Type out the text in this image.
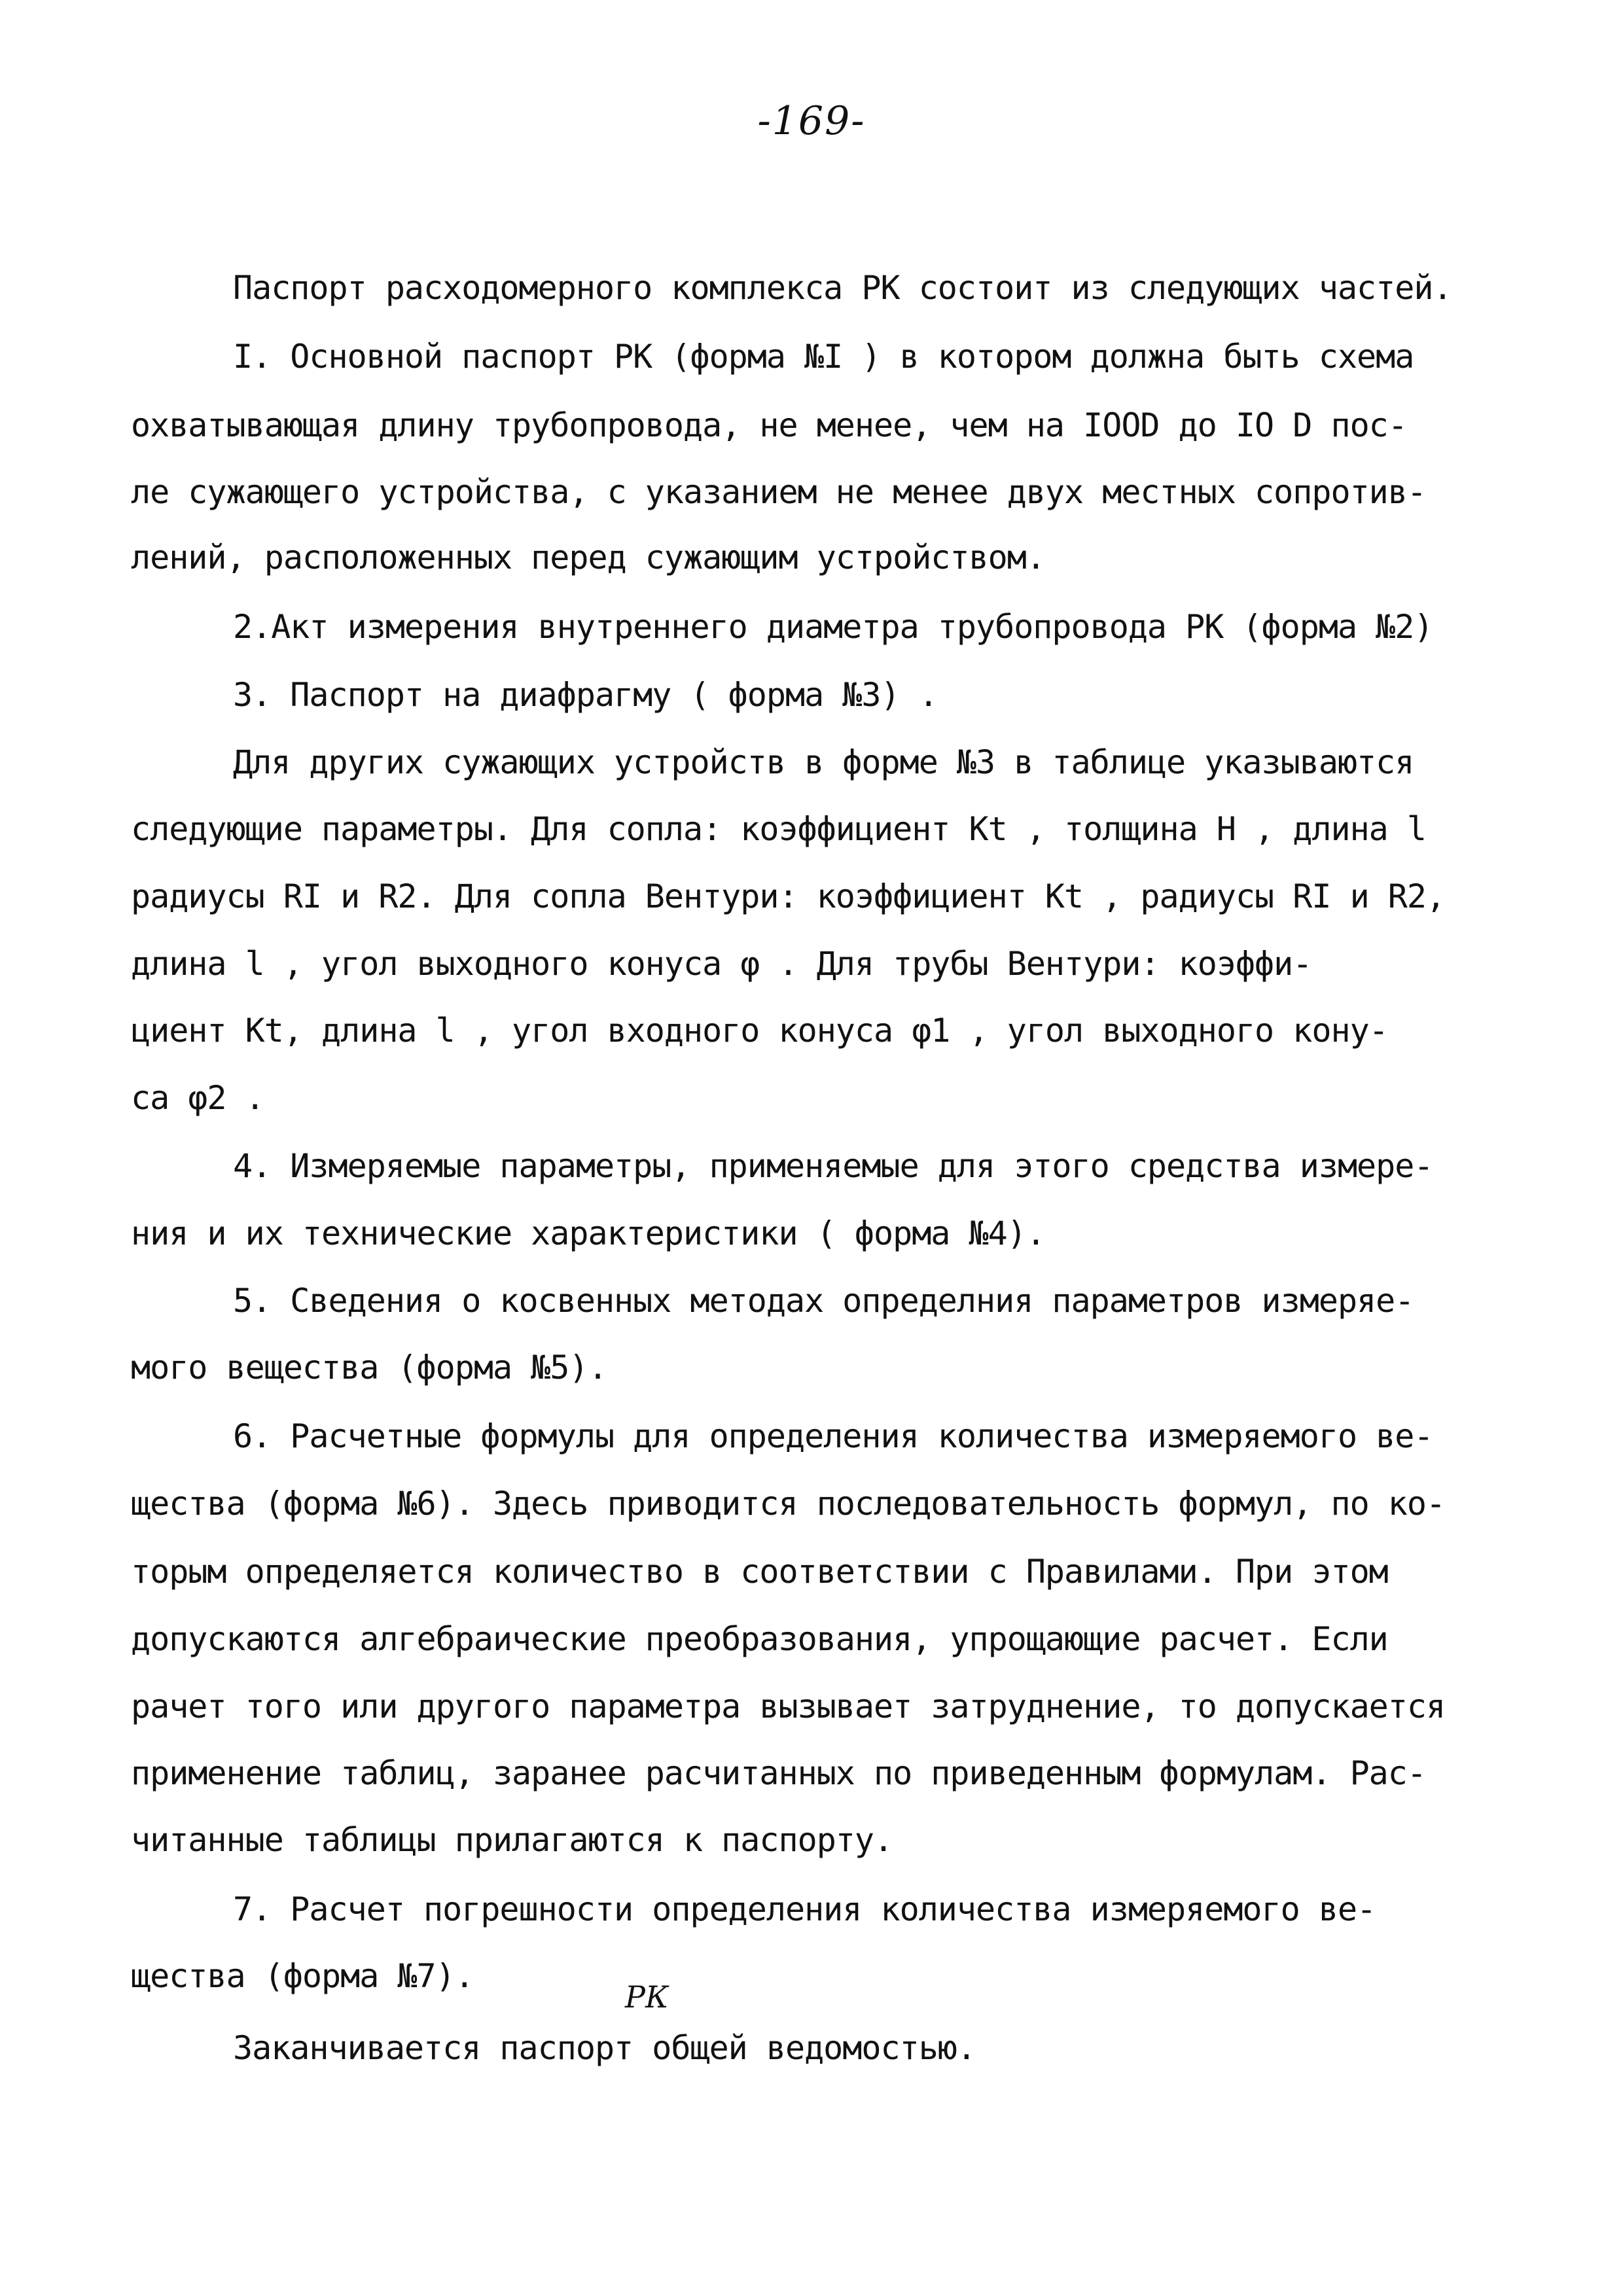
-169-
Паспорт расходомерного комплекса РК состоит из следующих частей.
I. Основной паспорт РК (форма №I ) в котором должна быть схема
охватывающая длину трубопровода, не менее, чем на IOOD до IO D пос-
ле сужающего устройства, с указанием не менее двух местных сопротив-
лений, расположенных перед сужающим устройством.
2.Акт измерения внутреннего диаметра трубопровода РК (форма №2)
3. Паспорт на диафрагму ( форма №3) .
Для других сужающих устройств в форме №3 в таблице указываются
следующие параметры. Для сопла: коэффициент Кt , толщина H , длина l
радиусы RI и R2. Для сопла Вентури: коэффициент Кt , радиусы RI и R2,
длина l , угол выходного конуса φ . Для трубы Вентури: коэффи-
циент Кt, длина l , угол входного конуса φ1 , угол выходного кону-
са φ2 .
4. Измеряемые параметры, применяемые для этого средства измере-
ния и их технические характеристики ( форма №4).
5. Сведения о косвенных методах определния параметров измеряе-
мого вещества (форма №5).
6. Расчетные формулы для определения количества измеряемого ве-
щества (форма №6). Здесь приводится последовательность формул, по ко-
торым определяется количество в соответствии с Правилами. При этом
допускаются алгебраические преобразования, упрощающие расчет. Если
рачет того или другого параметра вызывает затруднение, то допускается
применение таблиц, заранее расчитанных по приведенным формулам. Рас-
читанные таблицы прилагаются к паспорту.
7. Расчет погрешности определения количества измеряемого ве-
щества (форма №7).
РК
Заканчивается паспорт общей ведомостью.
